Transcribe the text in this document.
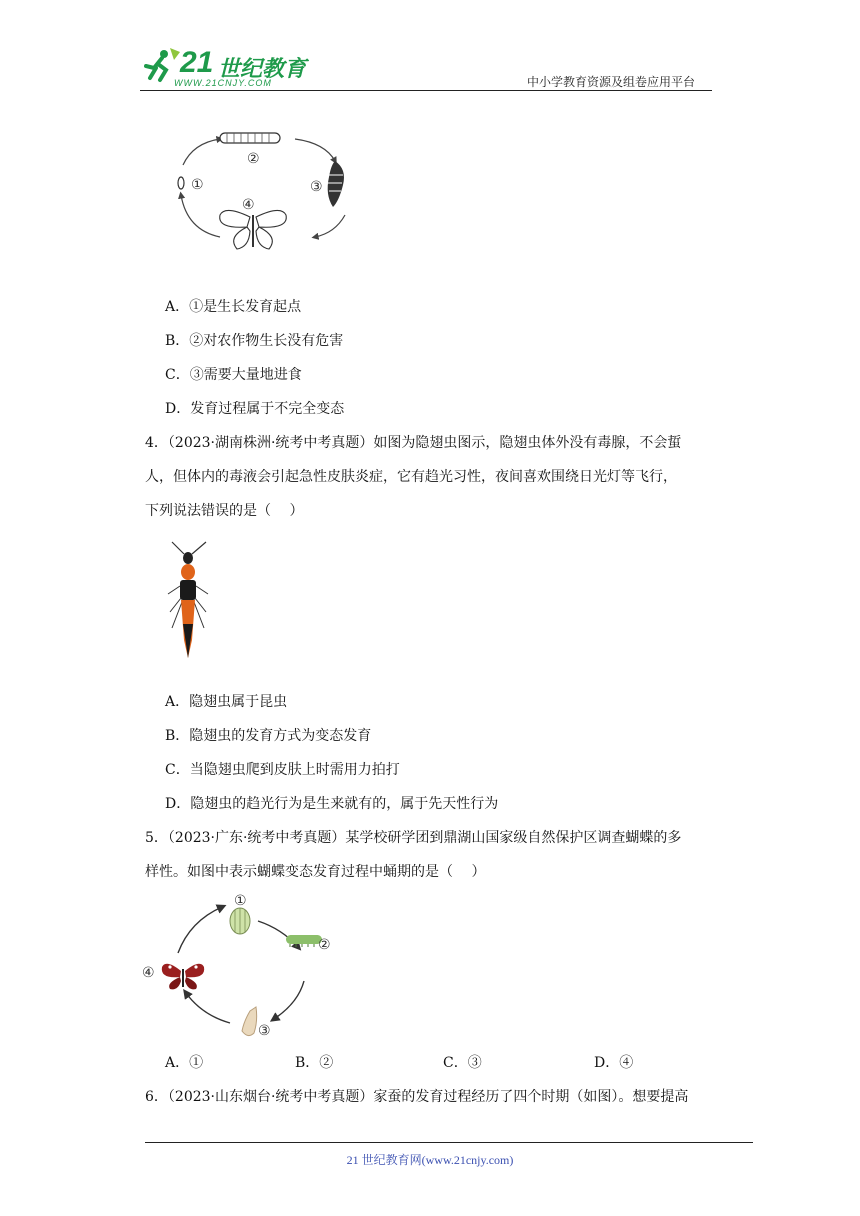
21 世纪教育
WWW.21CNJY.COM	中小学教育资源及组卷应用平台
①
②
③
④
A．①是生长发育起点
B．②对农作物生长没有危害
C．③需要大量地进食
D．发育过程属于不完全变态
4．（2023·湖南株洲·统考中考真题）如图为隐翅虫图示，隐翅虫体外没有毒腺，不会蜇
人，但体内的毒液会引起急性皮肤炎症，它有趋光习性，夜间喜欢围绕日光灯等飞行，
下列说法错误的是（　 ）
A．隐翅虫属于昆虫
B．隐翅虫的发育方式为变态发育
C．当隐翅虫爬到皮肤上时需用力拍打
D．隐翅虫的趋光行为是生来就有的，属于先天性行为
5．（2023·广东·统考中考真题）某学校研学团到鼎湖山国家级自然保护区调查蝴蝶的多
样性。如图中表示蝴蝶变态发育过程中蛹期的是（　 ）
①
②
③
④
A．①	B．②	C．③	D．④
6．（2023·山东烟台·统考中考真题）家蚕的发育过程经历了四个时期（如图）。想要提高
21 世纪教育网(www.21cnjy.com)
